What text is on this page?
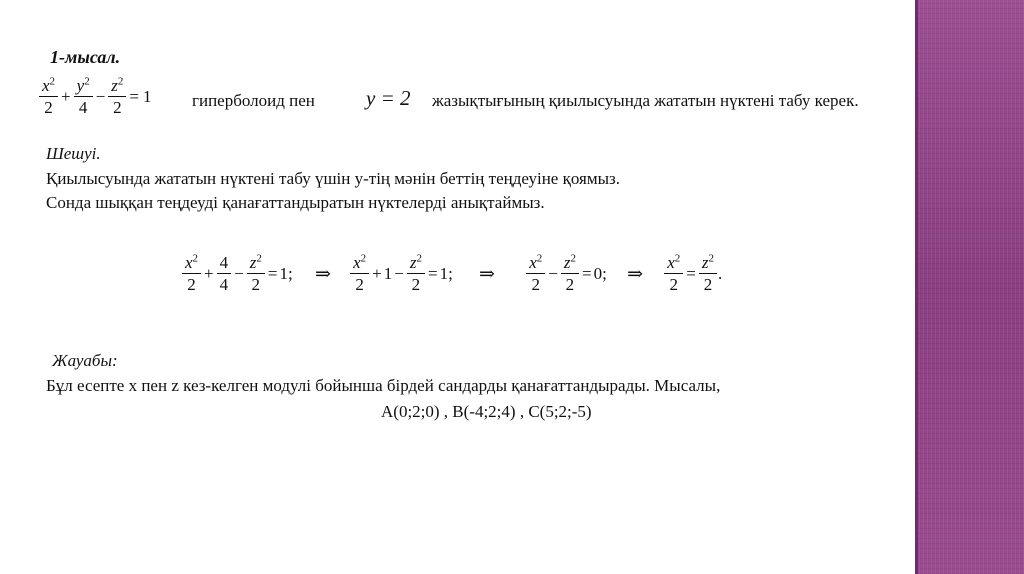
1-мысал.
$\frac{x^2}{2} + \frac{y^2}{4} - \frac{z^2}{2} = 1$ гиперболоид пен y = 2 жазықтығының қиылысуында жататын нүктені табу керек.
Шешуі.
Қиылысуында жататын нүктені табу үшін y-тің мәнін беттің теңдеуіне қоямыз.
Сонда шыққан теңдеуді қанағаттандыратын нүктелерді анықтаймыз.
$\frac{x^2}{2} + \frac{4}{4} - \frac{z^2}{2} = 1$; ⇒ $\frac{x^2}{2} + 1 - \frac{z^2}{2} = 1$; ⇒ $\frac{x^2}{2} - \frac{z^2}{2} = 0$; ⇒ $\frac{x^2}{2} = \frac{z^2}{2}$ .
Жауабы:
Бұл есепте x пен z кез-келген модулі бойынша бірдей сандарды қанағаттандырады. Мысалы,
A(0;2;0) , B(-4;2;4) , C(5;2;-5)
